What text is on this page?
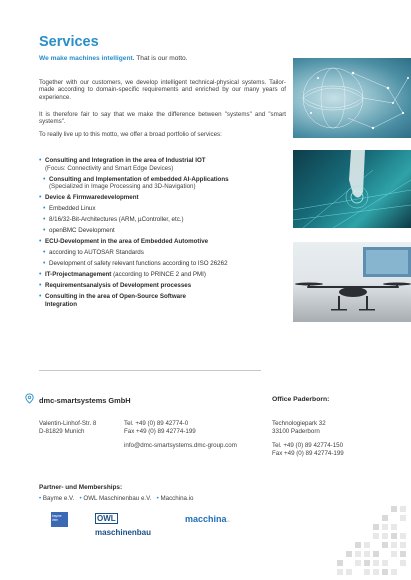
Services
We make machines intelligent. That is our motto.
Together with our customers, we develop intelligent technical-physical systems. Tailor-made according to domain-specific requirements and enriched by our many years of experience.
It is therefore fair to say that we make the difference between "systems" and "smart systems".
To really live up to this motto, we offer a broad portfolio of services:
• Consulting and Integration in the area of Industrial IOT
(Focus: Connectivity and Smart Edge Devices)
• Consulting and Implementation of embedded AI-Applications
(Specialized in Image Processing and 3D-Navigation)
• Device & Firmwaredevelopment
• Embedded Linux
• 8/16/32-Bit-Architectures (ARM, µController, etc.)
• openBMC Development
• ECU-Development in the area of Embedded Automotive
• according to AUTOSAR Standards
• Development of safety relevant functions according to ISO 26262
• IT-Projectmanagement (according to PRINCE 2 and PMI)
• Requirementsanalysis of Development processes
• Consulting in the area of Open-Source Software
Integration
dmc-smartsystems GmbH	Office Paderborn:
Valentin-Linhof-Str. 8
D-81829 Munich
Tel. +49 (0) 89 42774-0
Fax +49 (0) 89 42774-199
info@dmc-smartsystems.dmc-group.com
Technologiepark 32
33100 Paderborn
Tel. +49 (0) 89 42774-150
Fax +49 (0) 89 42774-199
Partner- und Memberships:
• Bayme e.V. • OWL Maschinenbau e.V. • Macchina.io
bayme vbm	OWLmaschinenbau
macchina.io
